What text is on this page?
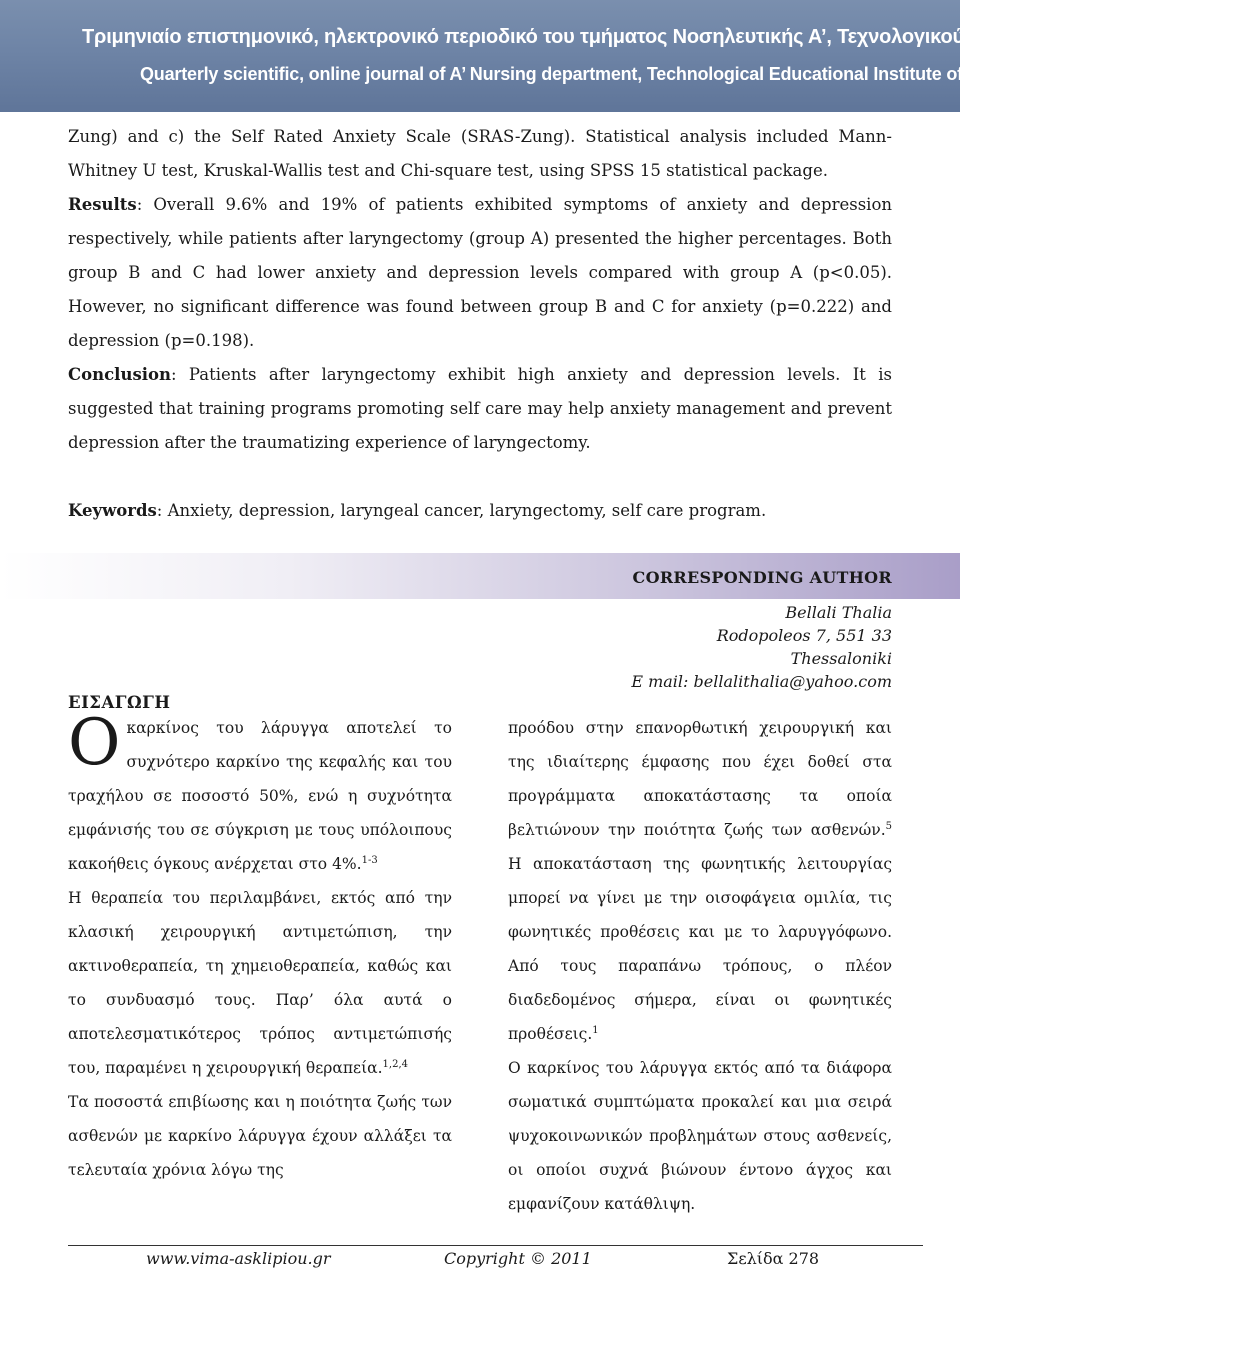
Τριμηνιαίο επιστημονικό, ηλεκτρονικό περιοδικό του τμήματος Νοσηλευτικής Α’, Τεχνολογικού Εκπαιδευτικού Ιδρυμα Αθηνών
Quarterly scientific, online journal of A’ Nursing department, Technological Educational Institute of Athens
Zung) and c) the Self Rated Anxiety Scale (SRAS-Zung). Statistical analysis included Mann-Whitney U test, Kruskal-Wallis test and Chi-square test, using SPSS 15 statistical package.
Results: Overall 9.6% and 19% of patients exhibited symptoms of anxiety and depression respectively, while patients after laryngectomy (group A) presented the higher percentages. Both group B and C had lower anxiety and depression levels compared with group A (p<0.05). However, no significant difference was found between group B and C for anxiety (p=0.222) and depression (p=0.198).
Conclusion: Patients after laryngectomy exhibit high anxiety and depression levels. It is suggested that training programs promoting self care may help anxiety management and prevent depression after the traumatizing experience of laryngectomy.
Keywords: Anxiety, depression, laryngeal cancer, laryngectomy, self care program.
CORRESPONDING AUTHOR
Bellali Thalia
Rodopoleos 7, 551 33
Thessaloniki
E mail: bellalithalia@yahoo.com
ΕΙΣΑΓΩΓΗ

Οκαρκίνος του λάρυγγα αποτελεί το συχνότερο καρκίνο της κεφαλής και του τραχήλου σε ποσοστό 50%, ενώ η συχνότητα εμφάνισής του σε σύγκριση με τους υπόλοιπους κακοήθεις όγκους ανέρχεται στο 4%.$^{1-3}$

Η θεραπεία του περιλαμβάνει, εκτός από την κλασική χειρουργική αντιμετώπιση, την ακτινοθεραπεία, τη χημειοθεραπεία, καθώς και το συνδυασμό τους. Παρ’ όλα αυτά ο αποτελεσματικότερος τρόπος αντιμετώπισής του, παραμένει η χειρουργική θεραπεία.$^{1,2,4}$

Τα ποσοστά επιβίωσης και η ποιότητα ζωής των ασθενών με καρκίνο λάρυγγα έχουν αλλάξει τα τελευταία χρόνια λόγω της

προόδου στην επανορθωτική χειρουργική και της ιδιαίτερης έμφασης που έχει δοθεί στα προγράμματα αποκατάστασης τα οποία βελτιώνουν την ποιότητα ζωής των ασθενών.$^5$ Η αποκατάσταση της φωνητικής λειτουργίας μπορεί να γίνει με την οισοφάγεια ομιλία, τις φωνητικές προθέσεις και με το λαρυγγόφωνο. Από τους παραπάνω τρόπους, ο πλέον διαδεδομένος σήμερα, είναι οι φωνητικές προθέσεις.$^1$

Ο καρκίνος του λάρυγγα εκτός από τα διάφορα σωματικά συμπτώματα προκαλεί και μια σειρά ψυχοκοινωνικών προβλημάτων στους ασθενείς, οι οποίοι συχνά βιώνουν έντονο άγχος και εμφανίζουν κατάθλιψη.

www.vima-asklipiou.gr	Copyright © 2011	Σελίδα 278
